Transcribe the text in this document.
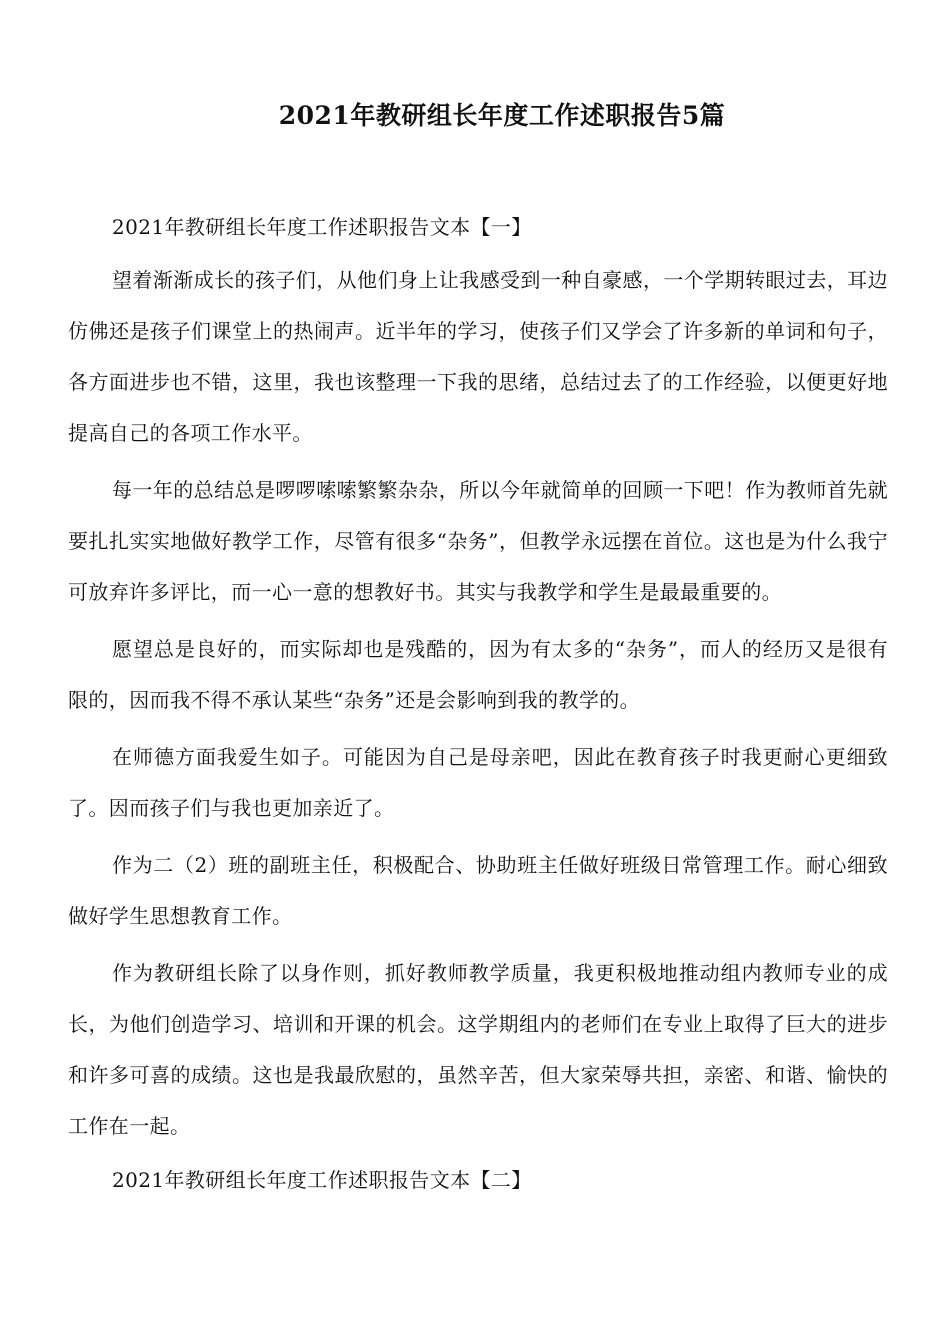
2021年教研组长年度工作述职报告5篇

2021年教研组长年度工作述职报告文本【一】

望着渐渐成长的孩子们，从他们身上让我感受到一种自豪感，一个学期转眼过去，耳边仿佛还是孩子们课堂上的热闹声。近半年的学习，使孩子们又学会了许多新的单词和句子，各方面进步也不错，这里，我也该整理一下我的思绪，总结过去了的工作经验，以便更好地提高自己的各项工作水平。

每一年的总结总是啰啰嗦嗦繁繁杂杂，所以今年就简单的回顾一下吧！作为教师首先就要扎扎实实地做好教学工作，尽管有很多“杂务”，但教学永远摆在首位。这也是为什么我宁可放弃许多评比，而一心一意的想教好书。其实与我教学和学生是最最重要的。

愿望总是良好的，而实际却也是残酷的，因为有太多的“杂务”，而人的经历又是很有限的，因而我不得不承认某些“杂务”还是会影响到我的教学的。

在师德方面我爱生如子。可能因为自己是母亲吧，因此在教育孩子时我更耐心更细致了。因而孩子们与我也更加亲近了。

作为二（2）班的副班主任，积极配合、协助班主任做好班级日常管理工作。耐心细致做好学生思想教育工作。

作为教研组长除了以身作则，抓好教师教学质量，我更积极地推动组内教师专业的成长，为他们创造学习、培训和开课的机会。这学期组内的老师们在专业上取得了巨大的进步和许多可喜的成绩。这也是我最欣慰的，虽然辛苦，但大家荣辱共担，亲密、和谐、愉快的工作在一起。

2021年教研组长年度工作述职报告文本【二】
